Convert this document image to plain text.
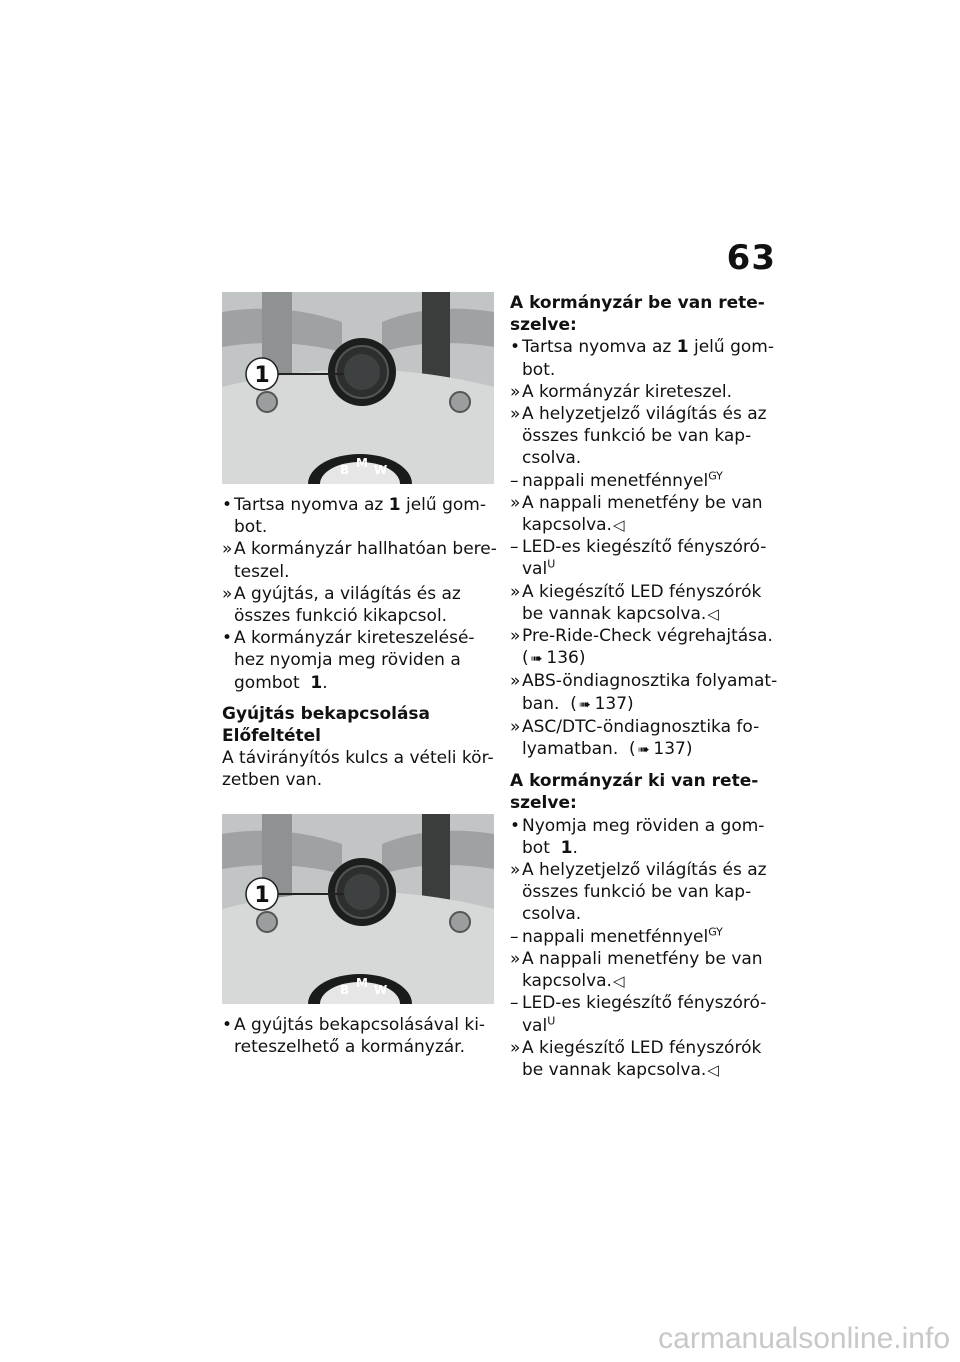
63
1
B M W
• Tartsa nyomva az 1 jelű gom-
bot.
» A kormányzár hallhatóan bere-
teszel.
» A gyújtás, a világítás és az
összes funkció kikapcsol.
• A kormányzár kireteszelésé-
hez nyomja meg röviden a
gombot 1.
Gyújtás bekapcsolása
Előfeltétel
A távirányítós kulcs a vételi kör-
zetben van.
1
B M W
• A gyújtás bekapcsolásával ki-
reteszelhető a kormányzár.
A kormányzár be van rete-
szelve:
• Tartsa nyomva az 1 jelű gom-
bot.
» A kormányzár kireteszel.
» A helyzetjelző világítás és az
összes funkció be van kap-
csolva.
– nappali menetfénnyel$^{GY}$
» A nappali menetfény be van
kapcsolva.◁
– LED-es kiegészítő fényszóró-
val$^U$
» A kiegészítő LED fényszórók
be vannak kapcsolva.◁
» Pre-Ride-Check végrehajtása.
( ➠ 136)
» ABS-öndiagnosztika folyamat-
ban. ( ➠ 137)
» ASC/DTC-öndiagnosztika fo-
lyamatban. ( ➠ 137)
A kormányzár ki van rete-
szelve:
• Nyomja meg röviden a gom-
bot 1.
» A helyzetjelző világítás és az
összes funkció be van kap-
csolva.
– nappali menetfénnyel$^{GY}$
» A nappali menetfény be van
kapcsolva.◁
– LED-es kiegészítő fényszóró-
val$^U$
» A kiegészítő LED fényszórók
be vannak kapcsolva.◁
carmanualsonline.info
